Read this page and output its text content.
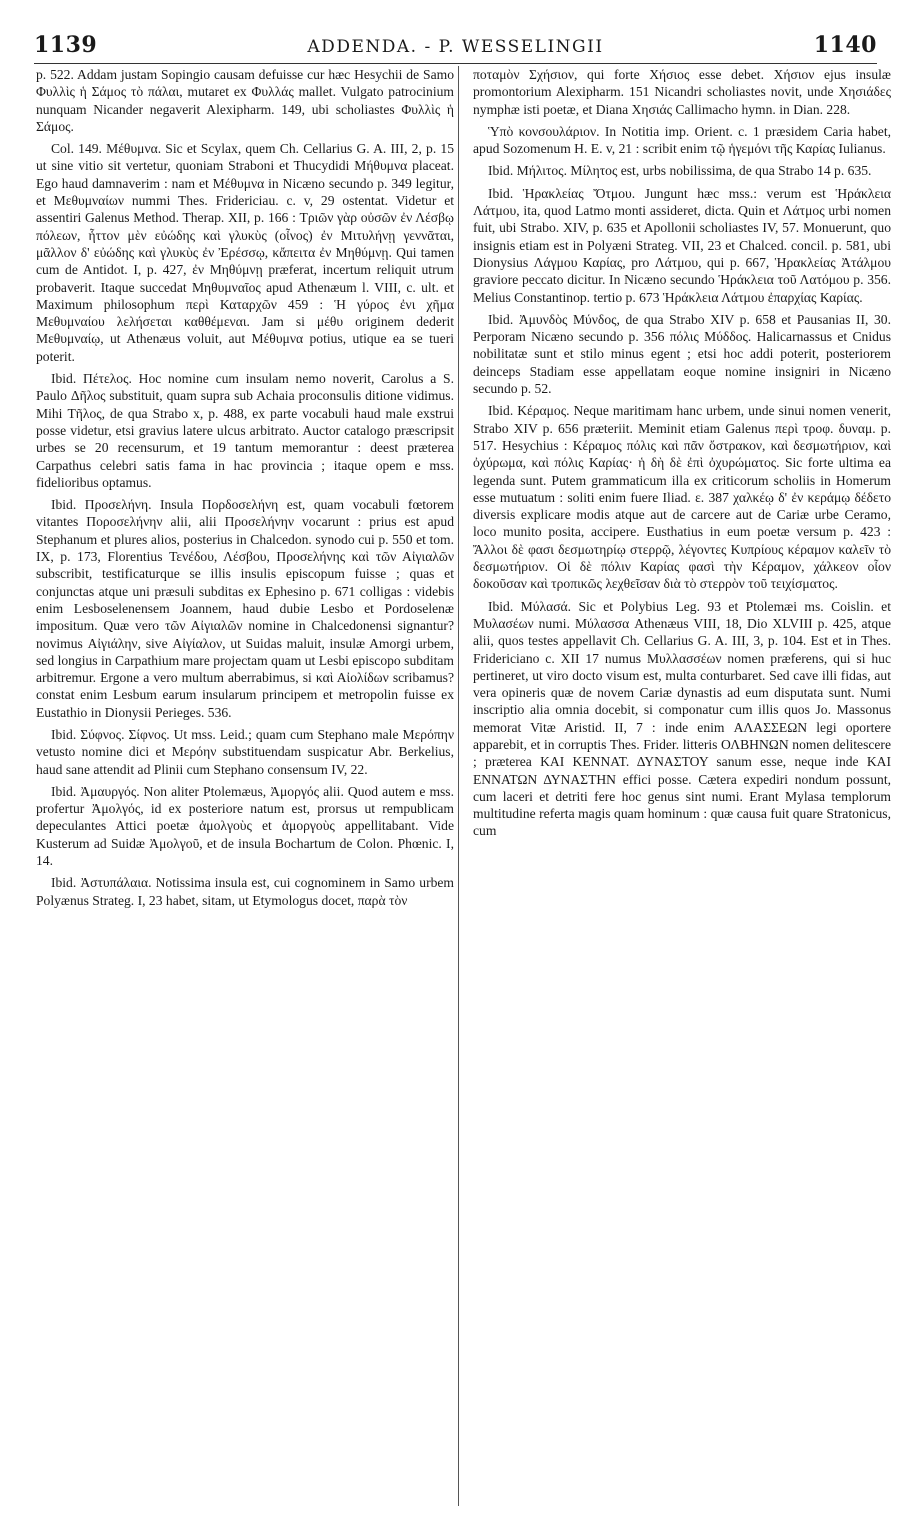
1139	ADDENDA. - P. WESSELINGII	1140

p. 522. Addam justam Sopingio causam defuisse cur hæc Hesychii de Samo Φυλλὶς ἡ Σάμος τὸ πάλαι, mutaret ex Φυλλάς mallet. Vulgato patrocinium nunquam Nicander negaverit Alexipharm. 149, ubi scholiastes Φυλλὶς ἡ Σάμος.

Col. 149. Μέθυμνα. Sic et Scylax, quem Ch. Cellarius G. A. III, 2, p. 15 ut sine vitio sit vertetur, quoniam Straboni et Thucydidi Μήθυμνα placeat. Ego haud damnaverim : nam et Μέθυμνα in Nicæno secundo p. 349 legitur, et Μεθυμναίων nummi Thes. Fridericiau. c. v, 29 ostentat. Videtur et assentiri Galenus Method. Therap. XII, p. 166 : Τριῶν γὰρ οὐσῶν ἐν Λέσβῳ πόλεων, ἧττον μὲν εὐώδης καὶ γλυκὺς (οἶνος) ἐν Μιτυλήνῃ γεννᾶται, μᾶλλον δ' εὐώδης καὶ γλυκὺς ἐν Ἐρέσσῳ, κἄπειτα ἐν Μηθύμνῃ. Qui tamen cum de Antidot. I, p. 427, ἐν Μηθύμνῃ præferat, incertum reliquit utrum probaverit. Itaque succedat Μηθυμναῖος apud Athenæum l. VIII, c. ult. et Maximum philosophum περὶ Καταρχῶν 459 : Ἡ γύρος ἐνι χῆμα Μεθυμναίου λελήσεται καθθέμεναι. Jam si μέθυ originem dederit Μεθυμναίῳ, ut Athenæus voluit, aut Μέθυμνα potius, utique ea se tueri poterit.

Ibid. Πέτελος. Hoc nomine cum insulam nemo noverit, Carolus a S. Paulo Δῆλος substituit, quam supra sub Achaia proconsulis ditione vidimus. Mihi Τῆλος, de qua Strabo x, p. 488, ex parte vocabuli haud male exstrui posse videtur, etsi gravius latere ulcus arbitrato. Auctor catalogo præscripsit urbes se 20 recensurum, et 19 tantum memorantur : deest præterea Carpathus celebri satis fama in hac provincia ; itaque opem e mss. fidelioribus optamus.

Ibid. Προσελήνη. Insula Πορδοσελήνη est, quam vocabuli fœtorem vitantes Ποροσελήνην alii, alii Προσελήνην vocarunt : prius est apud Stephanum et plures alios, posterius in Chalcedon. synodo cui p. 550 et tom. IX, p. 173, Florentius Τενέδου, Λέσβου, Προσελήνης καὶ τῶν Αἰγιαλῶν subscribit, testificaturque se illis insulis episcopum fuisse ; quas et conjunctas atque uni præsuli subditas ex Ephesino p. 671 colligas : videbis enim Lesboselenensem Joannem, haud dubie Lesbo et Pordoselenæ impositum. Quæ vero τῶν Αἰγιαλῶν nomine in Chalcedonensi signantur? novimus Αἰγιάλην, sive Αἰγίαλον, ut Suidas maluit, insulæ Amorgi urbem, sed longius in Carpathium mare projectam quam ut Lesbi episcopo subditam arbitremur. Ergone a vero multum aberrabimus, si καὶ Αἰολίδων scribamus? constat enim Lesbum earum insularum principem et metropolin fuisse ex Eustathio in Dionysii Perieges. 536.

Ibid. Σύφνος. Σίφνος. Ut mss. Leid.; quam cum Stephano male Μερόπην vetusto nomine dici et Μερόην substituendam suspicatur Abr. Berkelius, haud sane attendit ad Plinii cum Stephano consensum IV, 22.

Ibid. Ἀμαυργός. Non aliter Ptolemæus, Ἀμοργός alii. Quod autem e mss. profertur Ἀμολγός, id ex posteriore natum est, prorsus ut rempublicam depeculantes Attici poetæ ἀμολγοὺς et ἀμοργοὺς appellitabant. Vide Kusterum ad Suidæ Ἀμολγοῦ, et de insula Bochartum de Colon. Phœnic. I, 14.

Ibid. Ἀστυπάλαια. Notissima insula est, cui cognominem in Samo urbem Polyænus Strateg. I, 23 habet, sitam, ut Etymologus docet, παρὰ τὸν

ποταμὸν Σχήσιον, qui forte Χήσιος esse debet. Χήσιον ejus insulæ promontorium Alexipharm. 151 Nicandri scholiastes novit, unde Χησιάδες nymphæ isti poetæ, et Diana Χησιάς Callimacho hymn. in Dian. 228.

Ὑπὸ κονσουλάριον. In Notitia imp. Orient. c. 1 præsidem Caria habet, apud Sozomenum H. E. v, 21 : scribit enim τῷ ἡγεμόνι τῆς Καρίας Iulianus.

Ibid. Μήλιτος. Μίλητος est, urbs nobilissima, de qua Strabo 14 p. 635.

Ibid. Ἡρακλείας Ὄτμου. Jungunt hæc mss.: verum est Ἡράκλεια Λάτμου, ita, quod Latmo monti assideret, dicta. Quin et Λάτμος urbi nomen fuit, ubi Strabo. XIV, p. 635 et Apollonii scholiastes IV, 57. Monuerunt, quo insignis etiam est in Polyæni Strateg. VII, 23 et Chalced. concil. p. 581, ubi Dionysius Λάγμου Καρίας, pro Λάτμου, qui p. 667, Ἡρακλείας Ἀτάλμου graviore peccato dicitur. In Nicæno secundo Ἡράκλεια τοῦ Λατόμου p. 356. Melius Constantinop. tertio p. 673 Ἡράκλεια Λάτμου ἐπαρχίας Καρίας.

Ibid. Ἀμυνδὸς Μύνδος, de qua Strabo XIV p. 658 et Pausanias II, 30. Perporam Nicæno secundo p. 356 πόλις Μύδδος. Halicarnassus et Cnidus nobilitatæ sunt et stilo minus egent ; etsi hoc addi poterit, posteriorem deinceps Stadiam esse appellatam eoque nomine insigniri in Nicæno secundo p. 52.

Ibid. Κέραμος. Neque maritimam hanc urbem, unde sinui nomen venerit, Strabo XIV p. 656 præteriit. Meminit etiam Galenus περὶ τροφ. δυναμ. p. 517. Hesychius : Κέραμος πόλις καὶ πᾶν ὄστρακον, καὶ δεσμωτήριον, καὶ ὀχύρωμα, καὶ πόλις Καρίας· ἡ δὴ δὲ ἐπὶ ὀχυρώματος. Sic forte ultima ea legenda sunt. Putem grammaticum illa ex criticorum scholiis in Homerum esse mutuatum : soliti enim fuere Iliad. ε. 387 χαλκέῳ δ' ἐν κεράμῳ δέδετο diversis explicare modis atque aut de carcere aut de Cariæ urbe Ceramo, loco munito posita, accipere. Eusthatius in eum poetæ versum p. 423 : Ἄλλοι δὲ φασι δεσμωτηρίῳ στερρῷ, λέγοντες Κυπρίους κέραμον καλεῖν τὸ δεσμωτήριον. Οἱ δὲ πόλιν Καρίας φασὶ τὴν Κέραμον, χάλκεον οἷον δοκοῦσαν καὶ τροπικῶς λεχθεῖσαν διὰ τὸ στερρὸν τοῦ τειχίσματος.

Ibid. Μύλασά. Sic et Polybius Leg. 93 et Ptolemæi ms. Coislin. et Μυλασέων numi. Μύλασσα Athenæus VIII, 18, Dio XLVIII p. 425, atque alii, quos testes appellavit Ch. Cellarius G. A. III, 3, p. 104. Est et in Thes. Fridericiano c. XII 17 numus Μυλλασσέων nomen præferens, qui si huc pertineret, ut viro docto visum est, multa conturbaret. Sed cave illi fidas, aut vera opineris quæ de novem Cariæ dynastis ad eum disputata sunt. Numi inscriptio alia omnia docebit, si componatur cum illis quos Jo. Massonus memorat Vitæ Aristid. II, 7 : inde enim ΑΛΑΣΣΕΩΝ legi oportere apparebit, et in corruptis Thes. Frider. litteris ΟΛΒΗΝΩΝ nomen delitescere ; præterea ΚΑΙ ΚΕΝΝΑΤ. ΔΥΝΑΣΤΟΥ sanum esse, neque inde ΚΑΙ ΕΝΝΑΤΩΝ ΔΥΝΑΣΤΗΝ effici posse. Cætera expediri nondum possunt, cum laceri et detriti fere hoc genus sint numi. Erant Mylasa templorum multitudine referta magis quam hominum : quæ causa fuit quare Stratonicus, cum
